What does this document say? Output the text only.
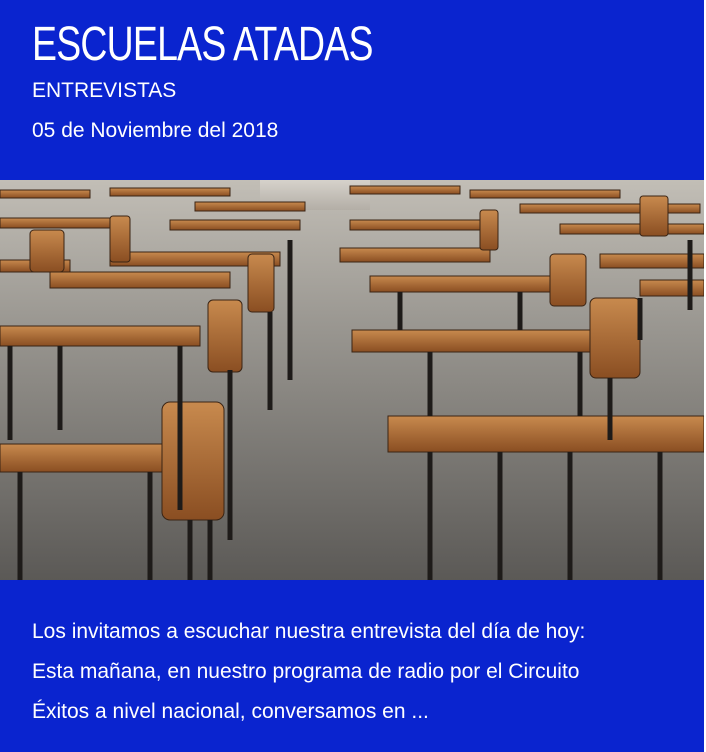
ESCUELAS ATADAS
ENTREVISTAS
05 de Noviembre del 2018

Los invitamos a escuchar nuestra entrevista del día de hoy:

Esta mañana, en nuestro programa de radio por el Circuito

Éxitos a nivel nacional, conversamos en ...
